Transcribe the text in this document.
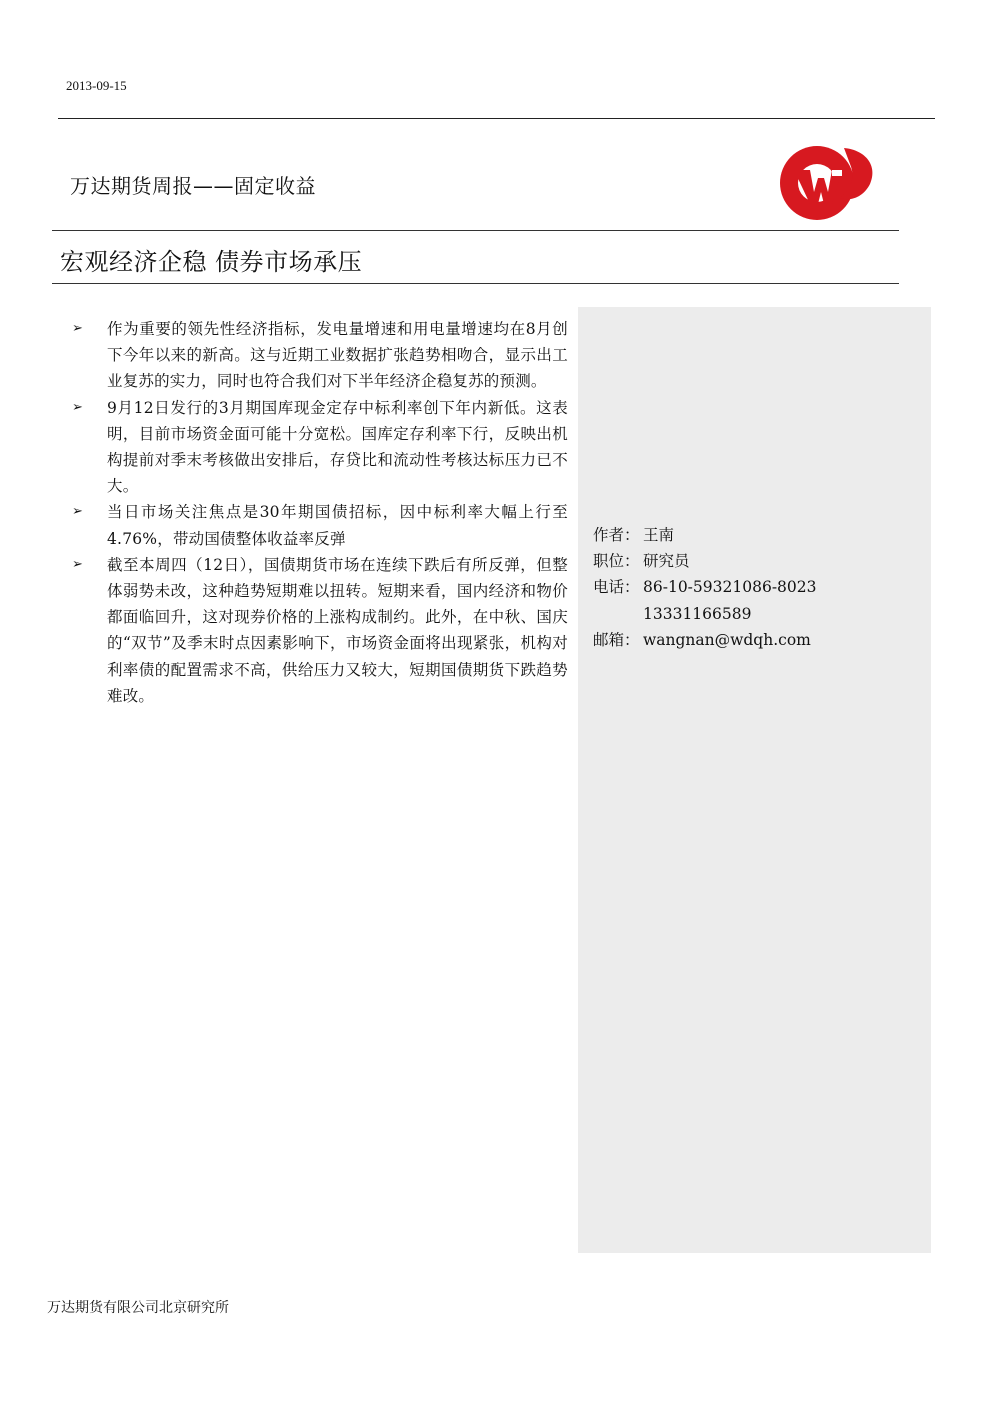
2013-09-15
万达期货周报——固定收益
宏观经济企稳 债券市场承压
➢	作为重要的领先性经济指标，发电量增速和用电量增速均在8月创下今年以来的新高。这与近期工业数据扩张趋势相吻合，显示出工业复苏的实力，同时也符合我们对下半年经济企稳复苏的预测。
➢	9月12日发行的3月期国库现金定存中标利率创下年内新低。这表明，目前市场资金面可能十分宽松。国库定存利率下行，反映出机构提前对季末考核做出安排后，存贷比和流动性考核达标压力已不大。
➢	当日市场关注焦点是30年期国债招标，因中标利率大幅上行至4.76%，带动国债整体收益率反弹
➢	截至本周四（12日），国债期货市场在连续下跌后有所反弹，但整体弱势未改，这种趋势短期难以扭转。短期来看，国内经济和物价都面临回升，这对现券价格的上涨构成制约。此外，在中秋、国庆的“双节”及季末时点因素影响下，市场资金面将出现紧张，机构对利率债的配置需求不高，供给压力又较大，短期国债期货下跌趋势难改。
作者： 王南
职位： 研究员
电话： 86-10-59321086-8023
13331166589
邮箱： wangnan@wdqh.com
万达期货有限公司北京研究所
